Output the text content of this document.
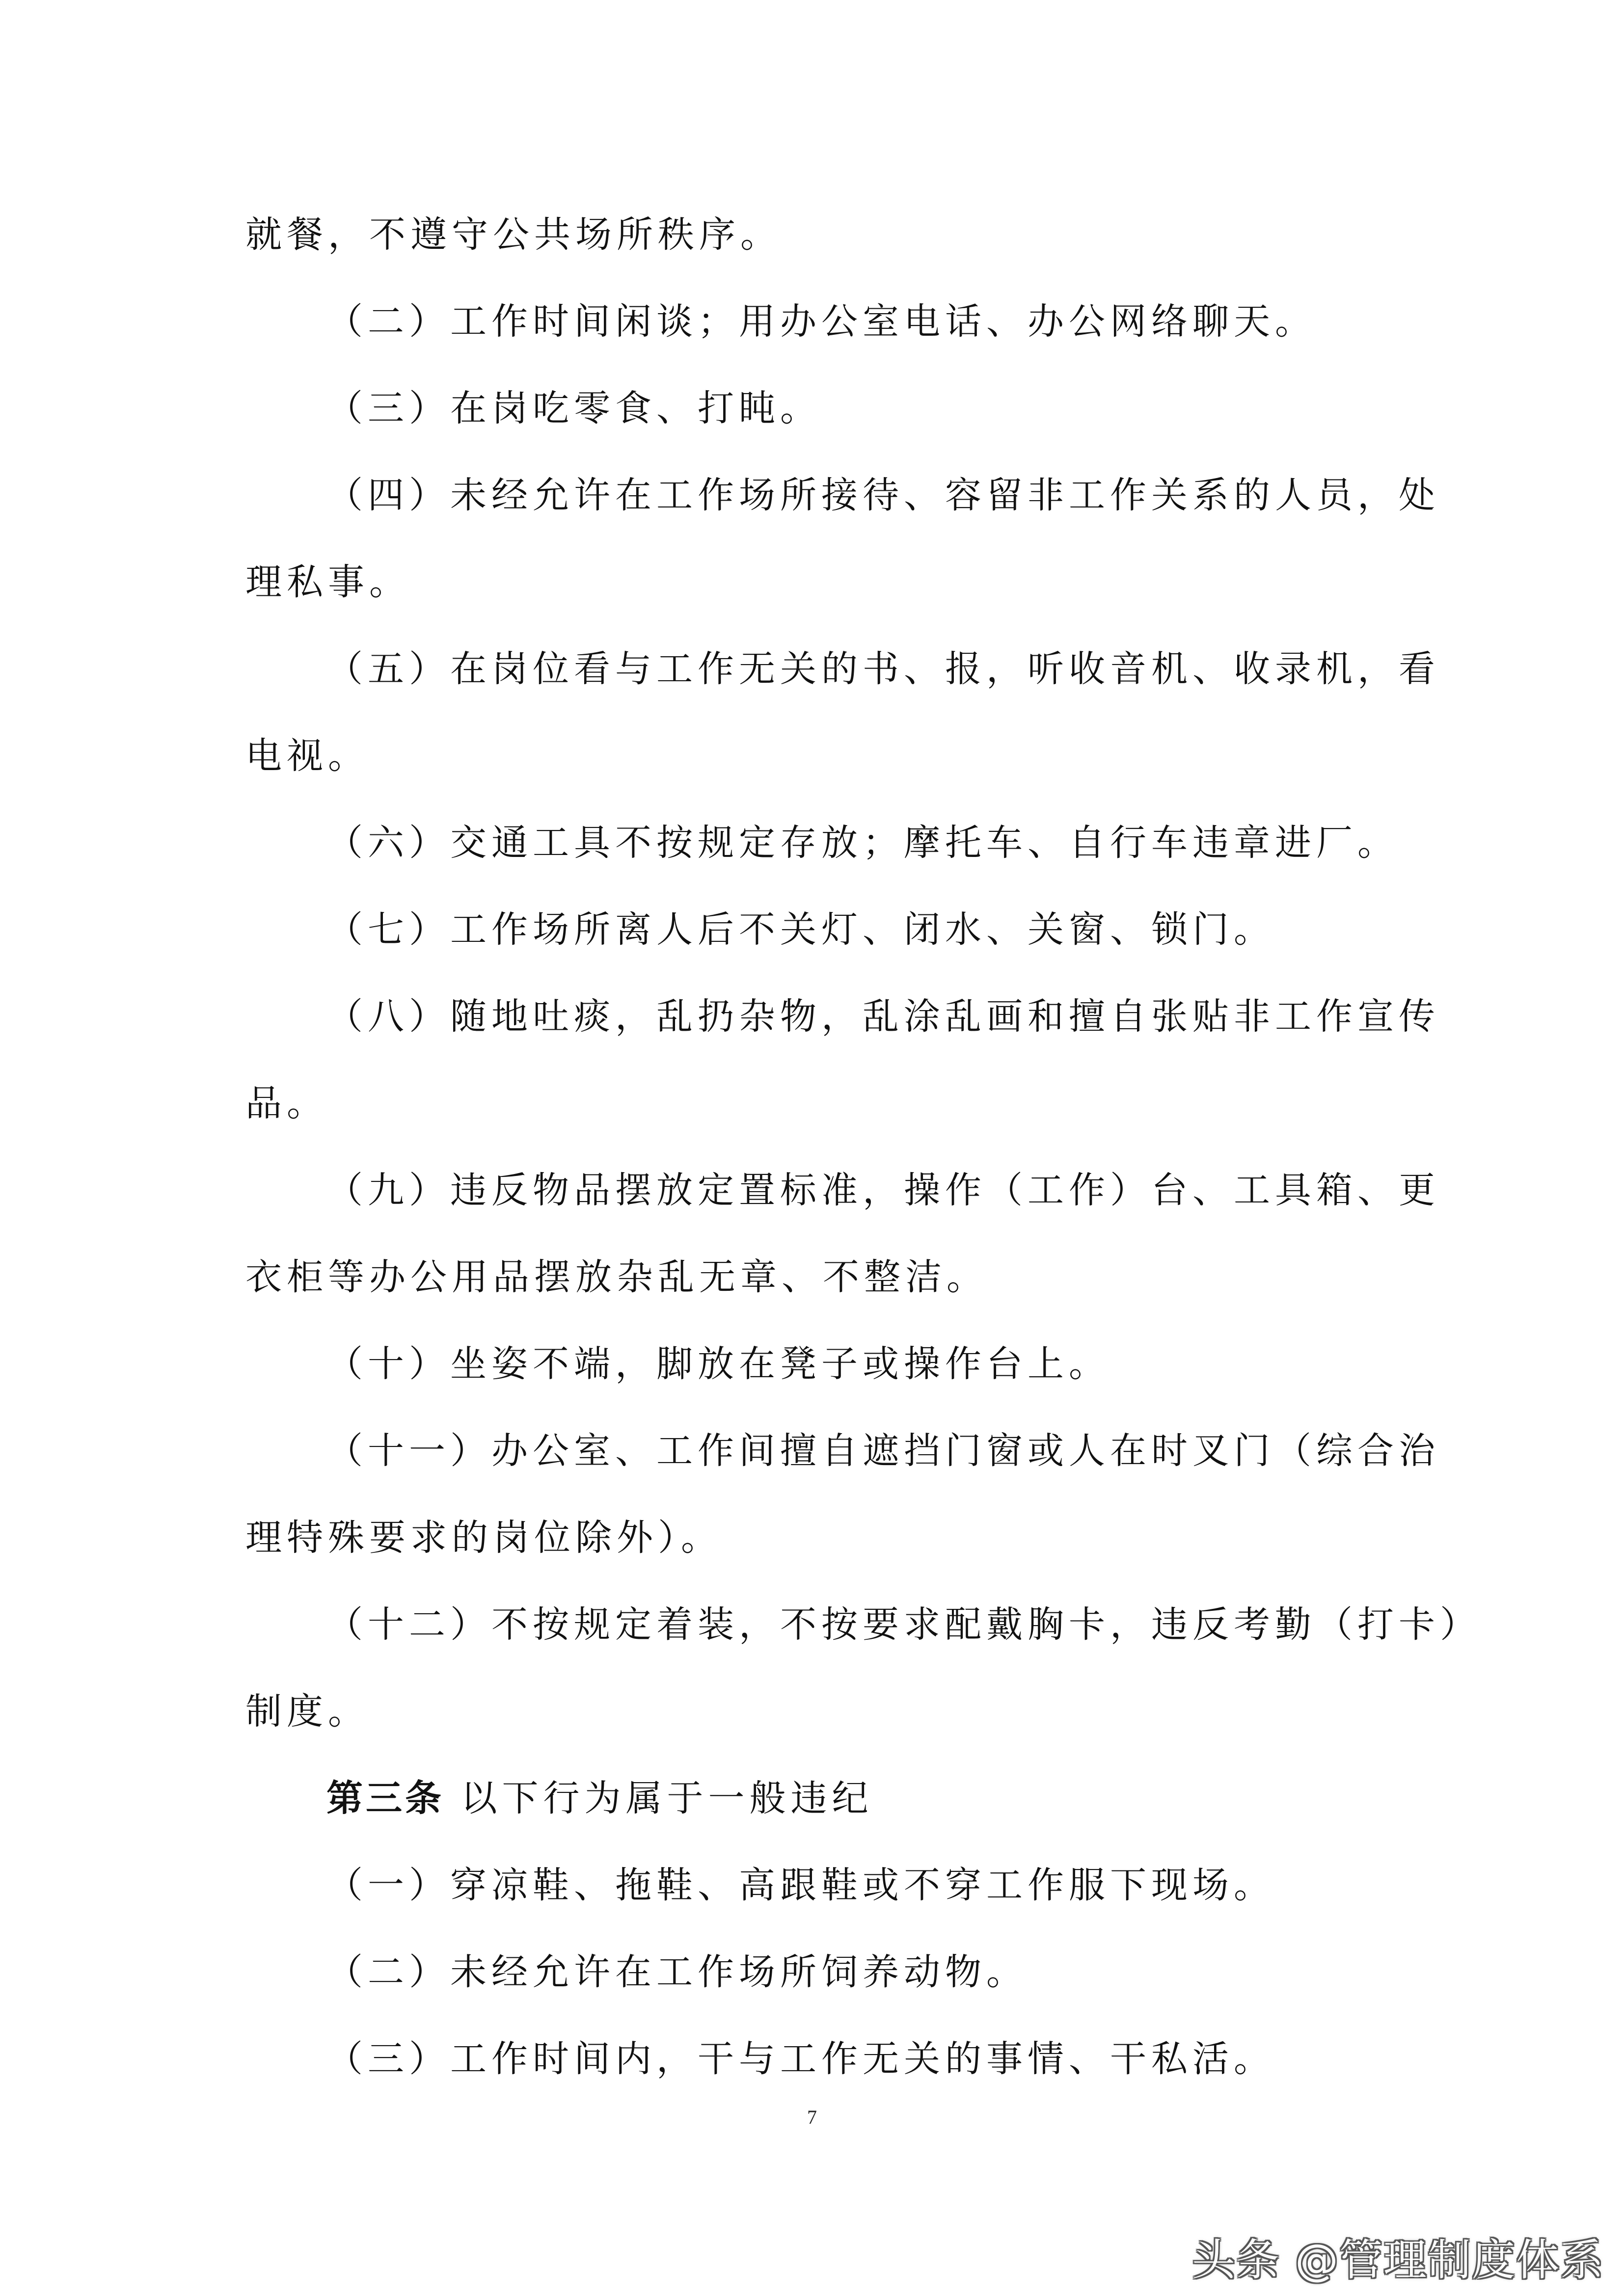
就餐，不遵守公共场所秩序。
（二）工作时间闲谈；用办公室电话、办公网络聊天。
（三）在岗吃零食、打盹。
（四）未经允许在工作场所接待、容留非工作关系的人员，处
理私事。
（五）在岗位看与工作无关的书、报，听收音机、收录机，看
电视。
（六）交通工具不按规定存放；摩托车、自行车违章进厂。
（七）工作场所离人后不关灯、闭水、关窗、锁门。
（八）随地吐痰，乱扔杂物，乱涂乱画和擅自张贴非工作宣传
品。
（九）违反物品摆放定置标准，操作（工作）台、工具箱、更
衣柜等办公用品摆放杂乱无章、不整洁。
（十）坐姿不端，脚放在凳子或操作台上。
（十一）办公室、工作间擅自遮挡门窗或人在时叉门（综合治
理特殊要求的岗位除外）。
（十二）不按规定着装，不按要求配戴胸卡，违反考勤（打卡）
制度。
第三条 以下行为属于一般违纪
（一）穿凉鞋、拖鞋、高跟鞋或不穿工作服下现场。
（二）未经允许在工作场所饲养动物。
（三）工作时间内，干与工作无关的事情、干私活。
7
头条 @管理制度体系
